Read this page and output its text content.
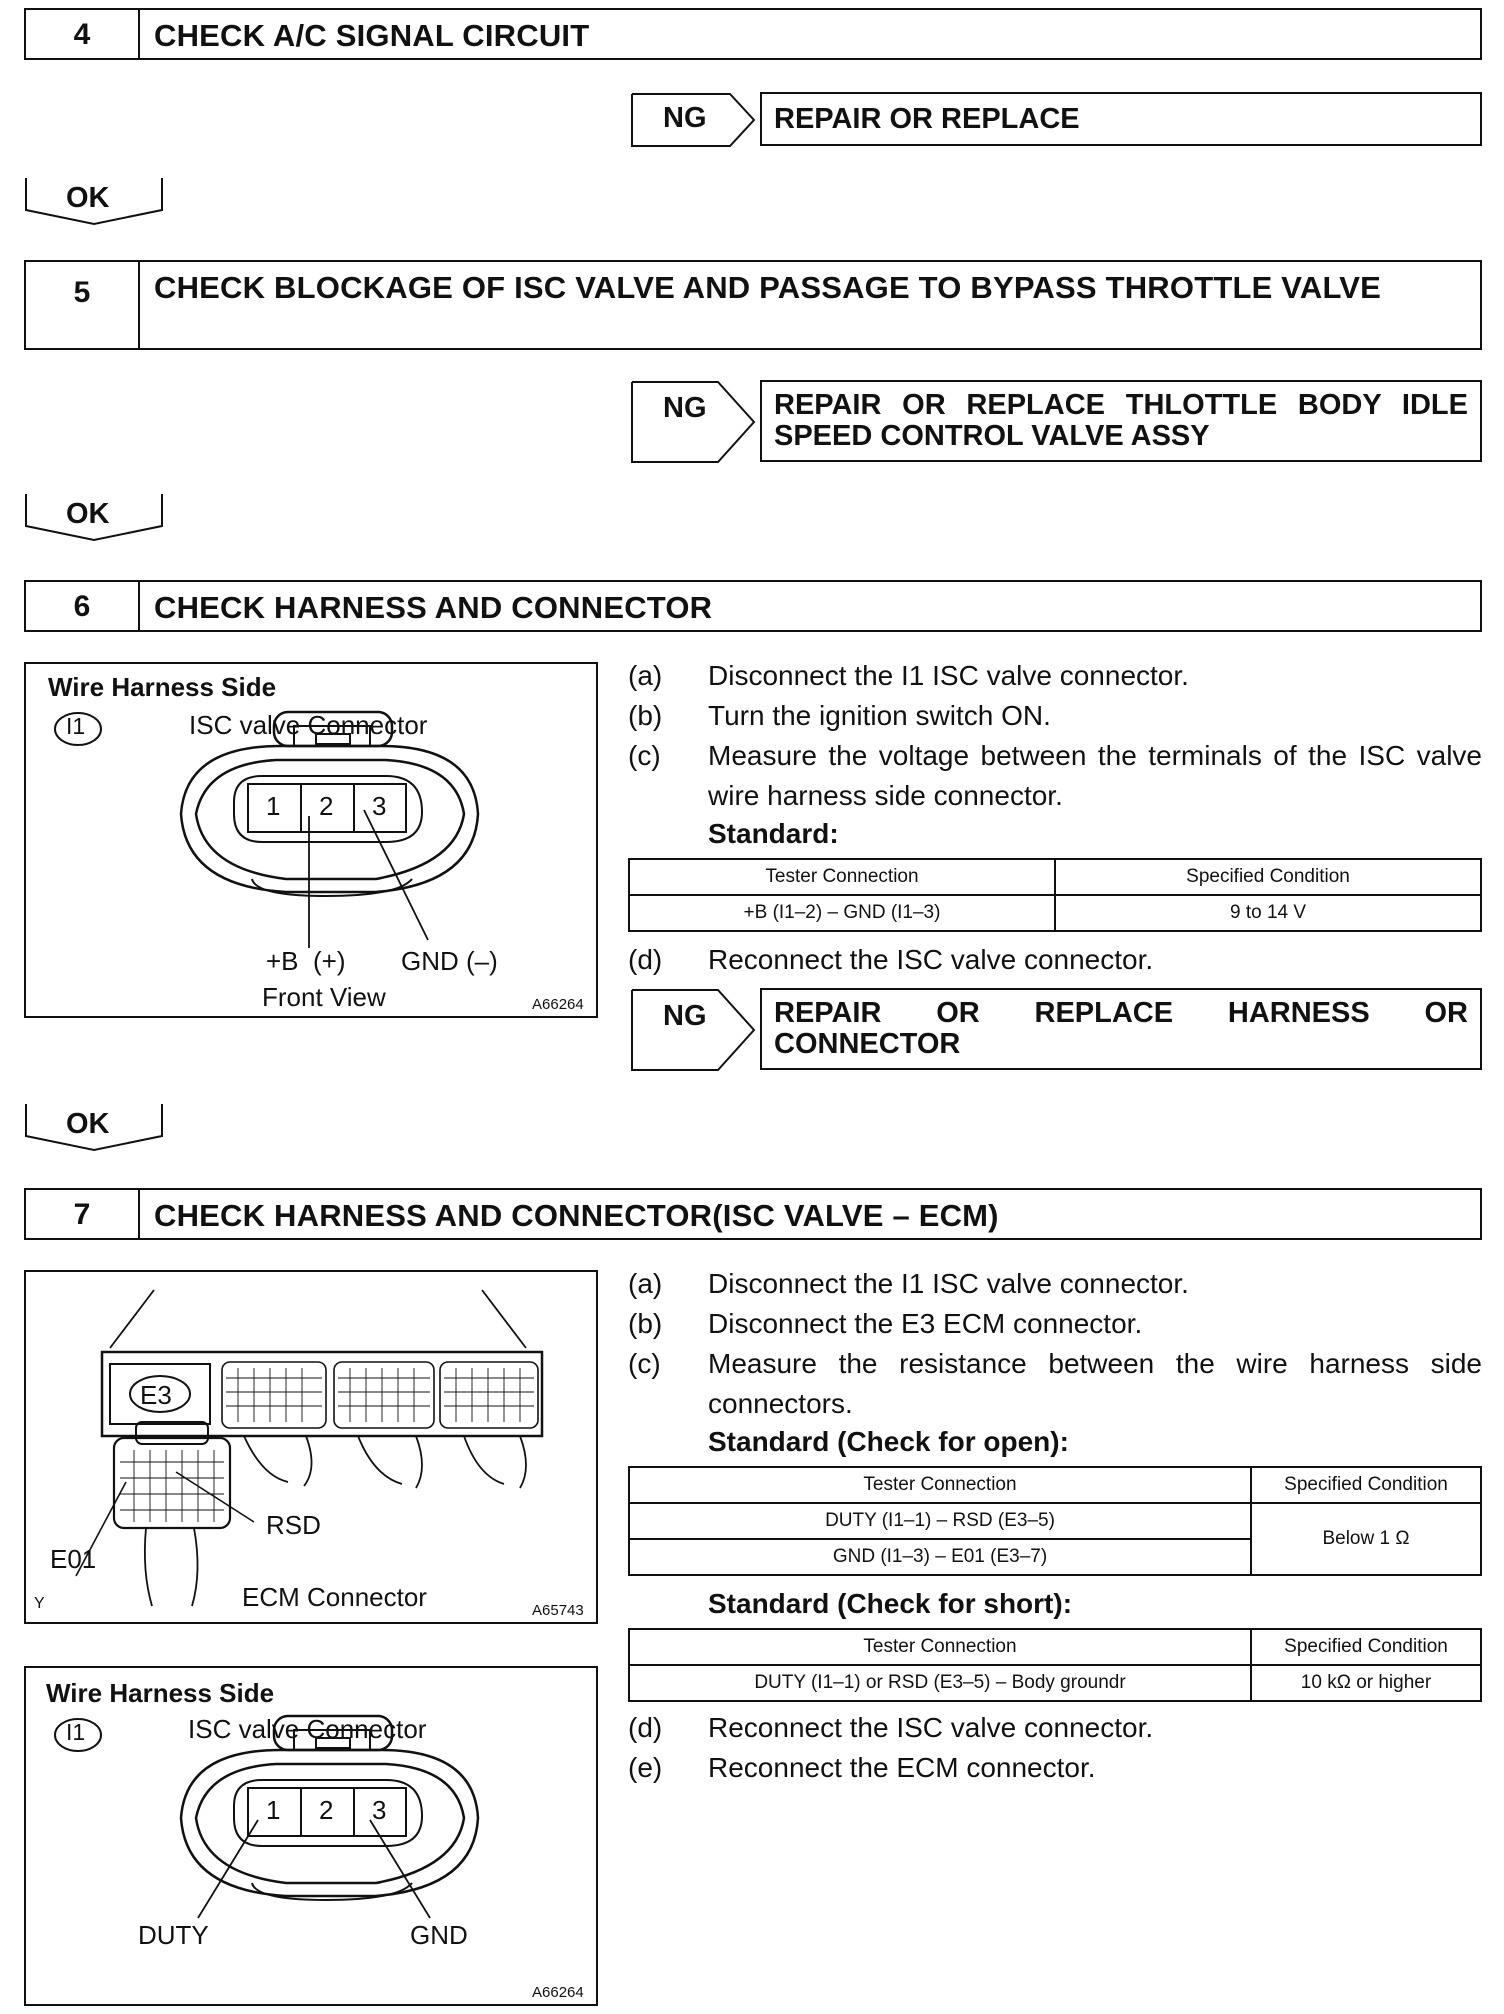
4	CHECK A/C SIGNAL CIRCUIT
NG	REPAIR OR REPLACE
OK
5	CHECK BLOCKAGE OF ISC VALVE AND PASSAGE TO BYPASS THROTTLE VALVE
NG	REPAIR OR REPLACE THLOTTLE BODY IDLE SPEED CONTROL VALVE ASSY
OK
6	CHECK HARNESS AND CONNECTOR
Wire Harness Side
I1	ISC valve Connector
1 2 3
+B  (+) GND (–)
Front View	A66264
(a)	Disconnect the I1 ISC valve connector.
(b)	Turn the ignition switch ON.
(c)	Measure the voltage between the terminals of the ISC valve wire harness side connector.
Standard:
Tester Connection	Specified Condition
+B (I1–2) – GND (I1–3)	9 to 14 V
(d)	Reconnect the ISC valve connector.
NG REPAIR OR REPLACE HARNESS OR CONNECTOR
OK
7	CHECK HARNESS AND CONNECTOR(ISC VALVE – ECM)
E3
RSD
E01
Y	ECM Connector	A65743
Wire Harness Side
I1	ISC valve Connector
1 2 3
DUTY	GND
A66264
(a)	Disconnect the I1 ISC valve connector.
(b)	Disconnect the E3 ECM connector.
(c)	Measure the resistance between the wire harness side connectors.
Standard (Check for open):
Tester Connection	Specified Condition
DUTY (I1–1) – RSD (E3–5)	Below 1 Ω
GND (I1–3) – E01 (E3–7)	
Standard (Check for short):
Tester Connection	Specified Condition
DUTY (I1–1) or RSD (E3–5) – Body groundr	10 kΩ or higher
(d)	Reconnect the ISC valve connector.
(e)	Reconnect the ECM connector.
